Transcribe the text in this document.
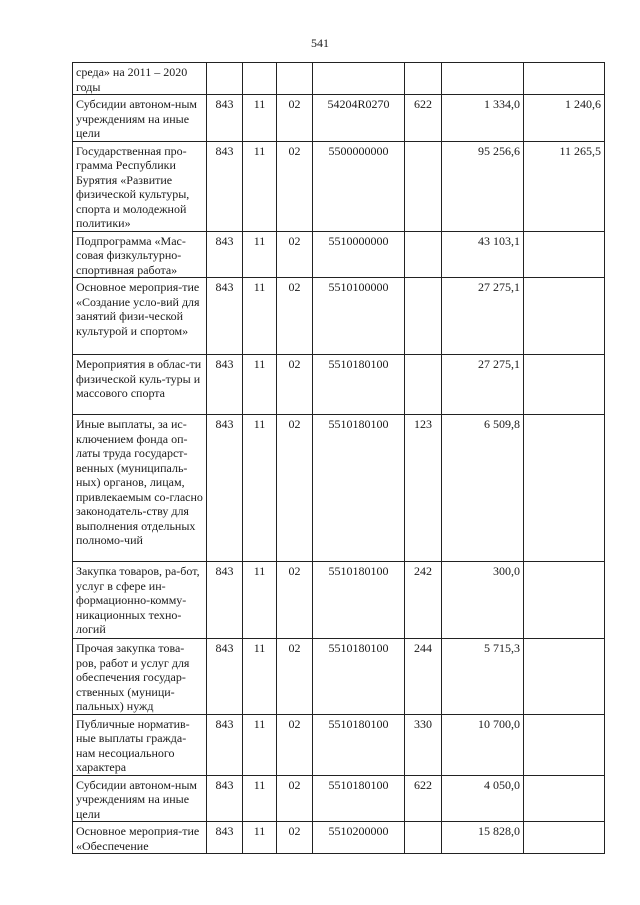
541
среда» на 2011 – 2020 годы							
Субсидии автоном-ным учреждениям на иные цели	843	11	02	54204R0270	622	1 334,0	1 240,6
Государственная про-грамма Республики Бурятия «Развитие физической культуры, спорта и молодежной политики»	843	11	02	5500000000		95 256,6	11 265,5
Подпрограмма «Мас-совая физкультурно-спортивная работа»	843	11	02	5510000000		43 103,1	
Основное мероприя-тие «Создание усло-вий для занятий физи-ческой культурой и спортом»	843	11	02	5510100000		27 275,1	
Мероприятия в облас-ти физической куль-туры и массового спорта	843	11	02	5510180100		27 275,1	
Иные выплаты, за ис-ключением фонда оп-латы труда государст-венных (муниципаль-ных) органов, лицам, привлекаемым со-гласно законодатель-ству для выполнения отдельных полномо-чий	843	11	02	5510180100	123	6 509,8	
Закупка товаров, ра-бот, услуг в сфере ин-формационно-комму-никационных техно-логий	843	11	02	5510180100	242	300,0	
Прочая закупка това-ров, работ и услуг для обеспечения государ-ственных (муници-пальных) нужд	843	11	02	5510180100	244	5 715,3	
Публичные норматив-ные выплаты гражда-нам несоциального характера	843	11	02	5510180100	330	10 700,0	
Субсидии автоном-ным учреждениям на иные цели	843	11	02	5510180100	622	4 050,0	
Основное мероприя-тие «Обеспечение	843	11	02	5510200000		15 828,0	
